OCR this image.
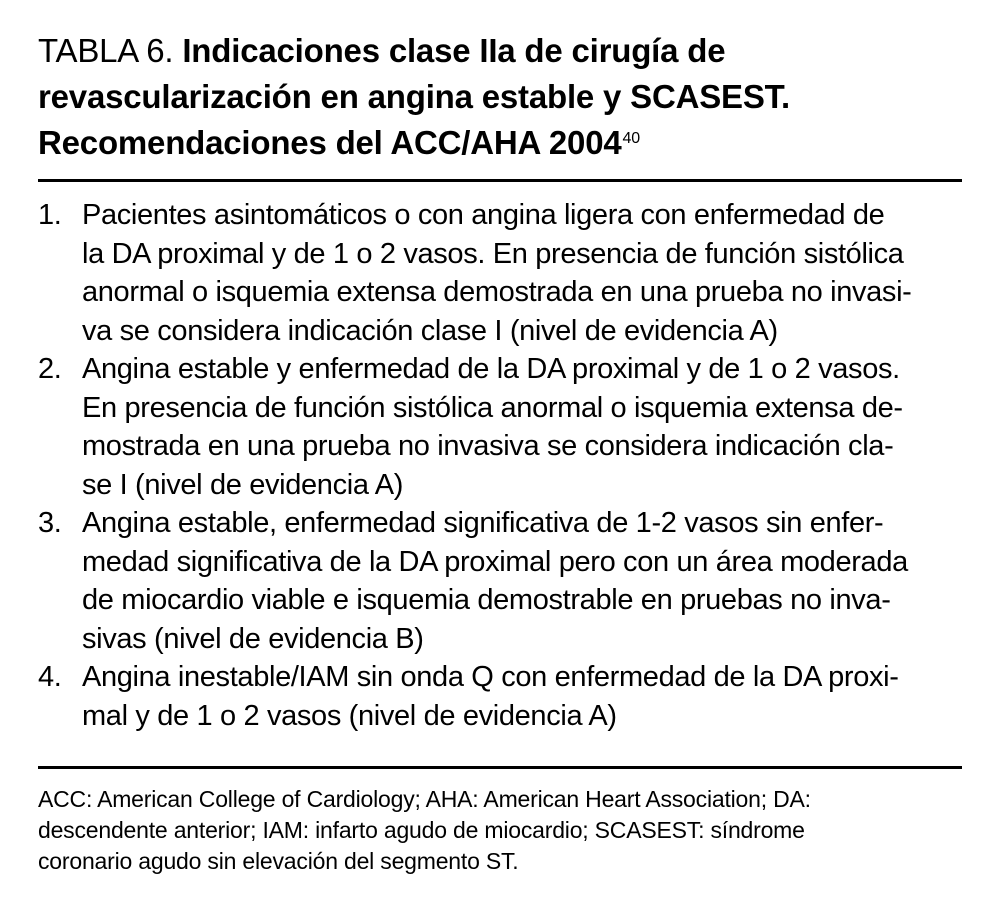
TABLA 6. Indicaciones clase IIa de cirugía de revascularización en angina estable y SCASEST. Recomendaciones del ACC/AHA 2004$^{40}$
1. Pacientes asintomáticos o con angina ligera con enfermedad de
la DA proximal y de 1 o 2 vasos. En presencia de función sistólica
anormal o isquemia extensa demostrada en una prueba no invasi-
va se considera indicación clase I (nivel de evidencia A)
2. Angina estable y enfermedad de la DA proximal y de 1 o 2 vasos.
En presencia de función sistólica anormal o isquemia extensa de-
mostrada en una prueba no invasiva se considera indicación cla-
se I (nivel de evidencia A)
3. Angina estable, enfermedad significativa de 1-2 vasos sin enfer-
medad significativa de la DA proximal pero con un área moderada
de miocardio viable e isquemia demostrable en pruebas no inva-
sivas (nivel de evidencia B)
4. Angina inestable/IAM sin onda Q con enfermedad de la DA proxi-
mal y de 1 o 2 vasos (nivel de evidencia A)
ACC: American College of Cardiology; AHA: American Heart Association; DA:
descendente anterior; IAM: infarto agudo de miocardio; SCASEST: síndrome
coronario agudo sin elevación del segmento ST.
